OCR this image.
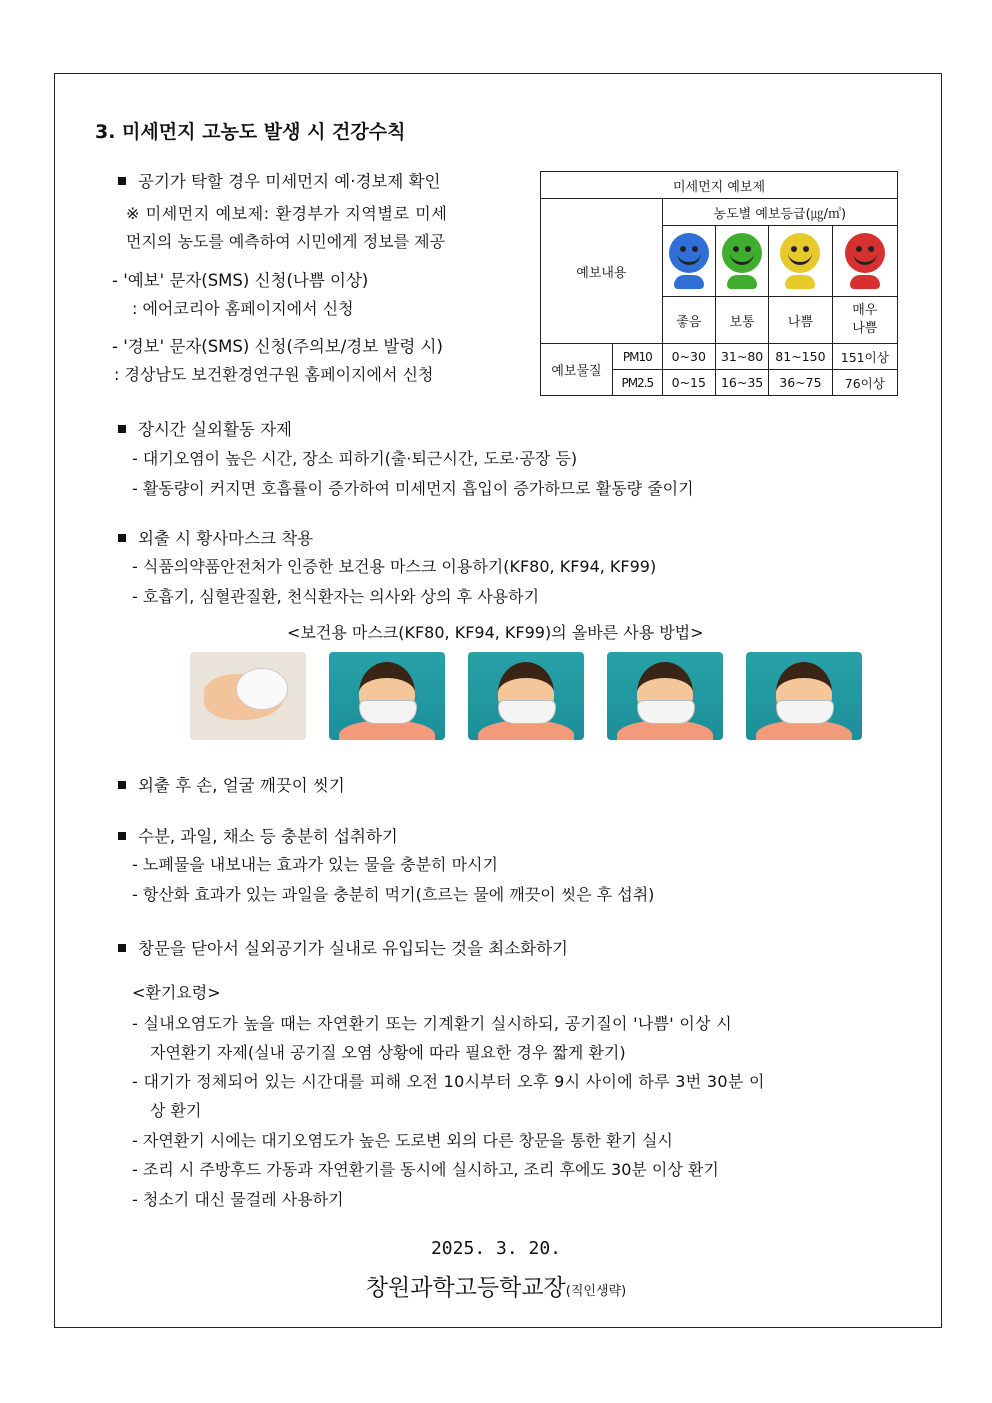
3. 미세먼지 고농도 발생 시 건강수칙
공기가 탁할 경우 미세먼지 예·경보제 확인
※ 미세먼지 예보제: 환경부가 지역별로 미세
먼지의 농도를 예측하여 시민에게 정보를 제공
- '예보' 문자(SMS) 신청(나쁨 이상)
: 에어코리아 홈페이지에서 신청
- '경보' 문자(SMS) 신청(주의보/경보 발령 시)
: 경상남도 보건환경연구원 홈페이지에서 신청
미세먼지 예보제					
예보내용		농도별 예보등급(㎍/㎥)			

		좋음	보통	나쁨	매우
나쁨
예보물질	PM10	0~30	31~80	81~150	151이상
	PM2.5	0~15	16~35	36~75	76이상
장시간 실외활동 자제
- 대기오염이 높은 시간, 장소 피하기(출·퇴근시간, 도로·공장 등)
- 활동량이 커지면 호흡률이 증가하여 미세먼지 흡입이 증가하므로 활동량 줄이기
외출 시 황사마스크 착용
- 식품의약품안전처가 인증한 보건용 마스크 이용하기(KF80, KF94, KF99)
- 호흡기, 심혈관질환, 천식환자는 의사와 상의 후 사용하기
<보건용 마스크(KF80, KF94, KF99)의 올바른 사용 방법>
외출 후 손, 얼굴 깨끗이 씻기
수분, 과일, 채소 등 충분히 섭취하기
- 노폐물을 내보내는 효과가 있는 물을 충분히 마시기
- 항산화 효과가 있는 과일을 충분히 먹기(흐르는 물에 깨끗이 씻은 후 섭취)
창문을 닫아서 실외공기가 실내로 유입되는 것을 최소화하기
<환기요령>
- 실내오염도가 높을 때는 자연환기 또는 기계환기 실시하되, 공기질이 '나쁨' 이상 시
자연환기 자제(실내 공기질 오염 상황에 따라 필요한 경우 짧게 환기)
- 대기가 정체되어 있는 시간대를 피해 오전 10시부터 오후 9시 사이에 하루 3번 30분 이
상 환기
- 자연환기 시에는 대기오염도가 높은 도로변 외의 다른 창문을 통한 환기 실시
- 조리 시 주방후드 가동과 자연환기를 동시에 실시하고, 조리 후에도 30분 이상 환기
- 청소기 대신 물걸레 사용하기
2025. 3. 20.
창원과학고등학교장(직인생략)
